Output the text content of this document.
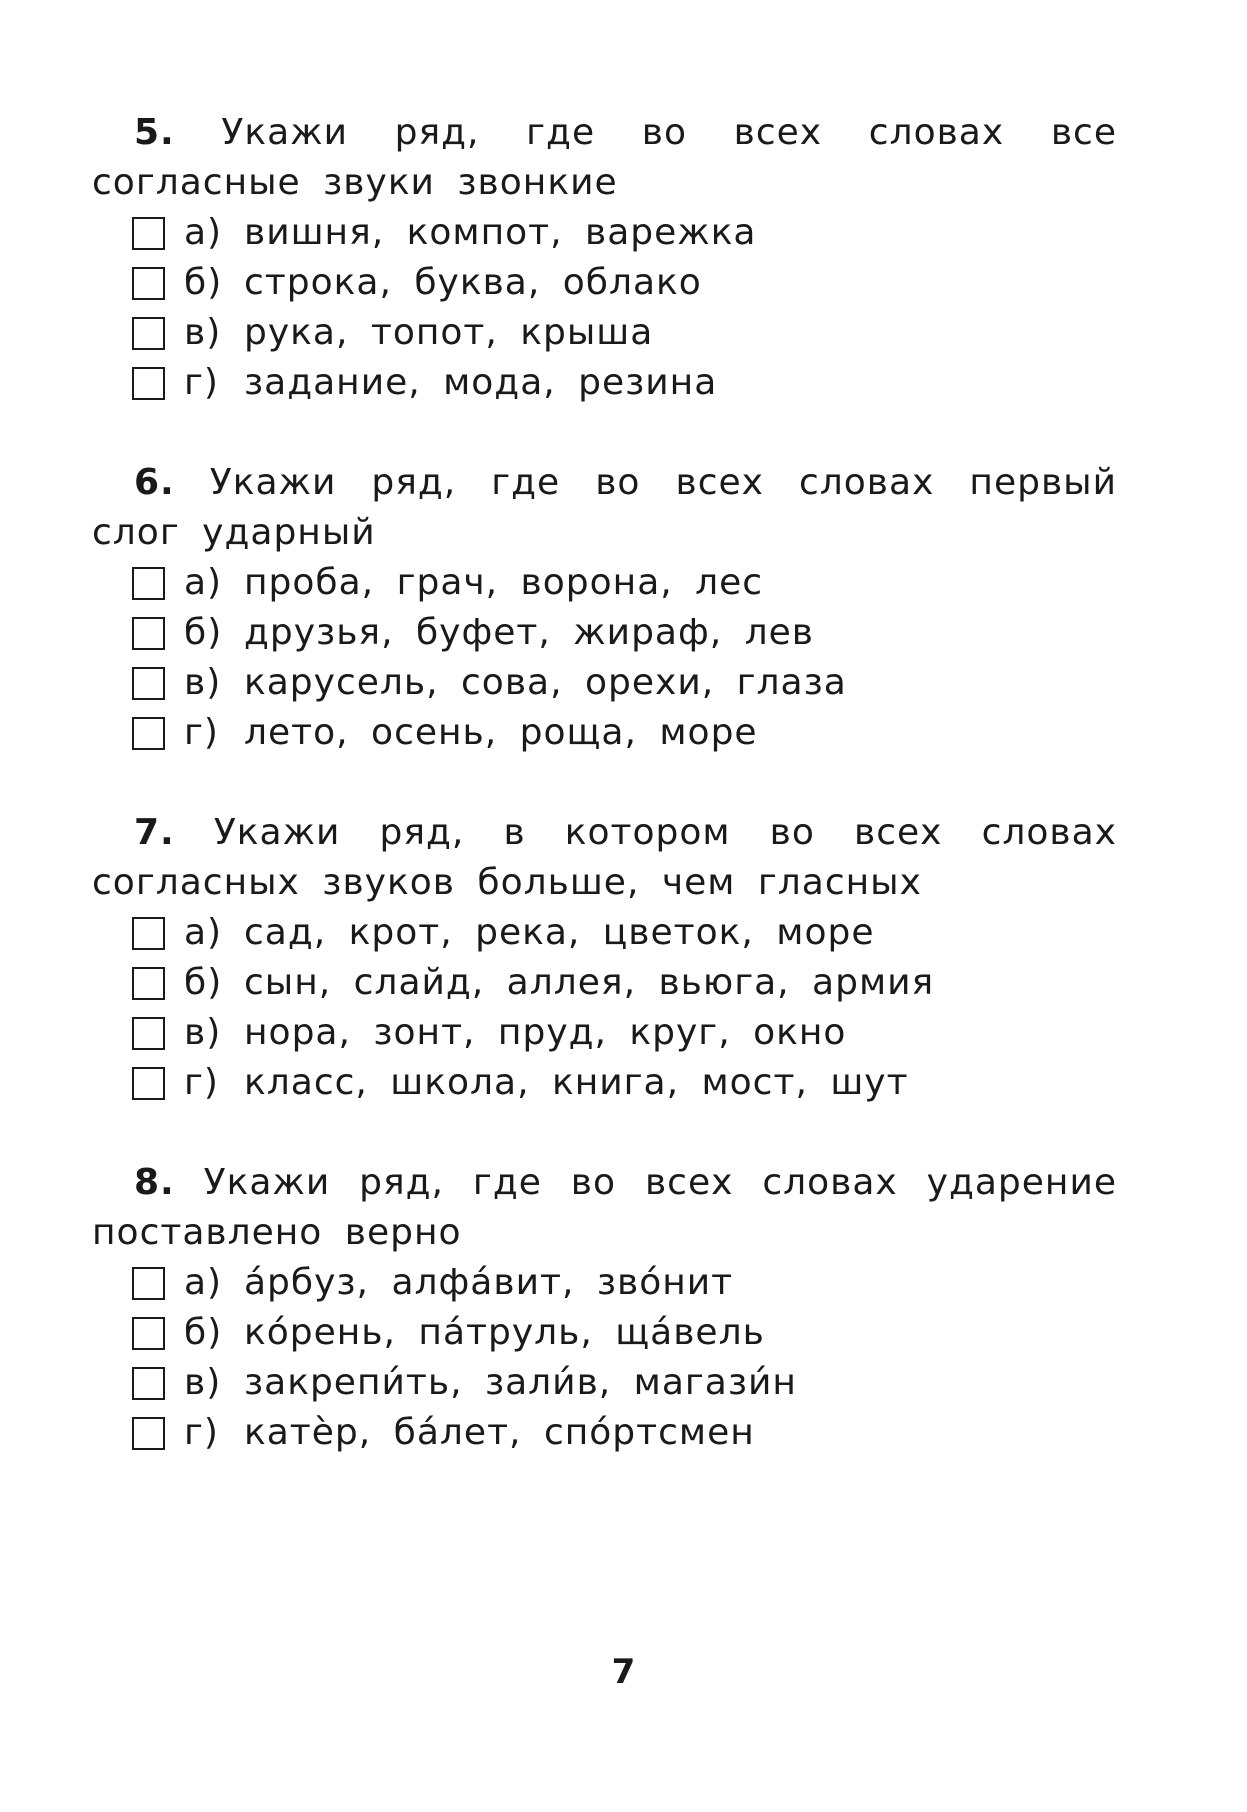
5. Укажи ряд, где во всех словах все согласные звуки звонкие

а) вишня, компот, варежка
б) строка, буква, облако
в) рука, топот, крыша
г) задание, мода, резина

6. Укажи ряд, где во всех словах первый слог ударный

а) проба, грач, ворона, лес
б) друзья, буфет, жираф, лев
в) карусель, сова, орехи, глаза
г) лето, осень, роща, море

7. Укажи ряд, в котором во всех словах согласных звуков больше, чем гласных

а) сад, крот, река, цветок, море
б) сын, слайд, аллея, вьюга, армия
в) нора, зонт, пруд, круг, окно
г) класс, школа, книга, мост, шут

8. Укажи ряд, где во всех словах ударение поставлено верно

а) а́рбуз, алфа́вит, зво́нит
б) ко́рень, па́труль, ща́вель
в) закрепи́ть, зали́в, магази́н
г) катѐр, ба́лет, спо́ртсмен
7
